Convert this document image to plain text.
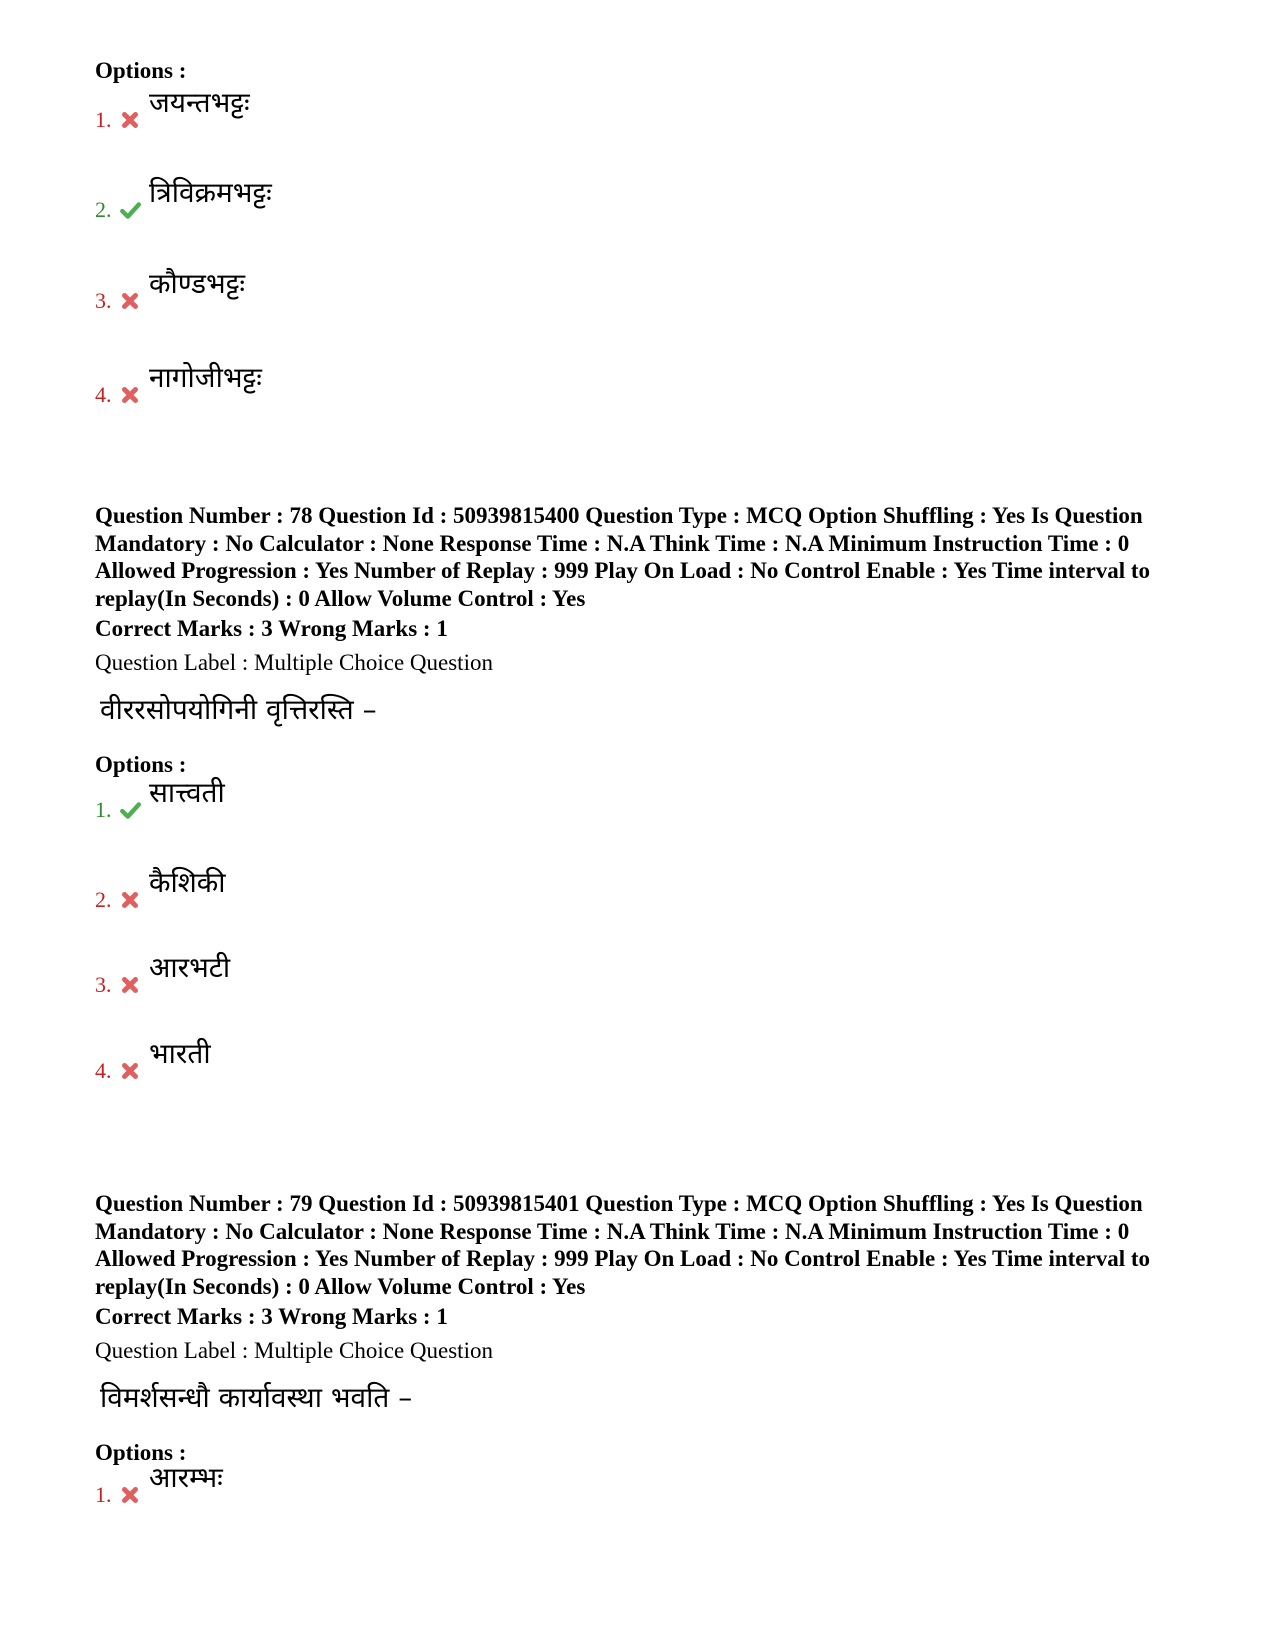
Options :
1.
जयन्तभट्टः
2.
त्रिविक्रमभट्टः
3.
कौण्डभट्टः
4.
नागोजीभट्टः
Question Number : 78 Question Id : 50939815400 Question Type : MCQ Option Shuffling : Yes Is Question Mandatory : No Calculator : None Response Time : N.A Think Time : N.A Minimum Instruction Time : 0 Allowed Progression : Yes Number of Replay : 999 Play On Load : No Control Enable : Yes Time interval to replay(In Seconds) : 0 Allow Volume Control : Yes
Correct Marks : 3 Wrong Marks : 1
Question Label : Multiple Choice Question
वीररसोपयोगिनी वृत्तिरस्ति –
Options :
1.
सात्त्वती
2.
कैशिकी
3.
आरभटी
4.
भारती
Question Number : 79 Question Id : 50939815401 Question Type : MCQ Option Shuffling : Yes Is Question Mandatory : No Calculator : None Response Time : N.A Think Time : N.A Minimum Instruction Time : 0 Allowed Progression : Yes Number of Replay : 999 Play On Load : No Control Enable : Yes Time interval to replay(In Seconds) : 0 Allow Volume Control : Yes
Correct Marks : 3 Wrong Marks : 1
Question Label : Multiple Choice Question
विमर्शसन्धौ कार्यावस्था भवति –
Options :
1.
आरम्भः
